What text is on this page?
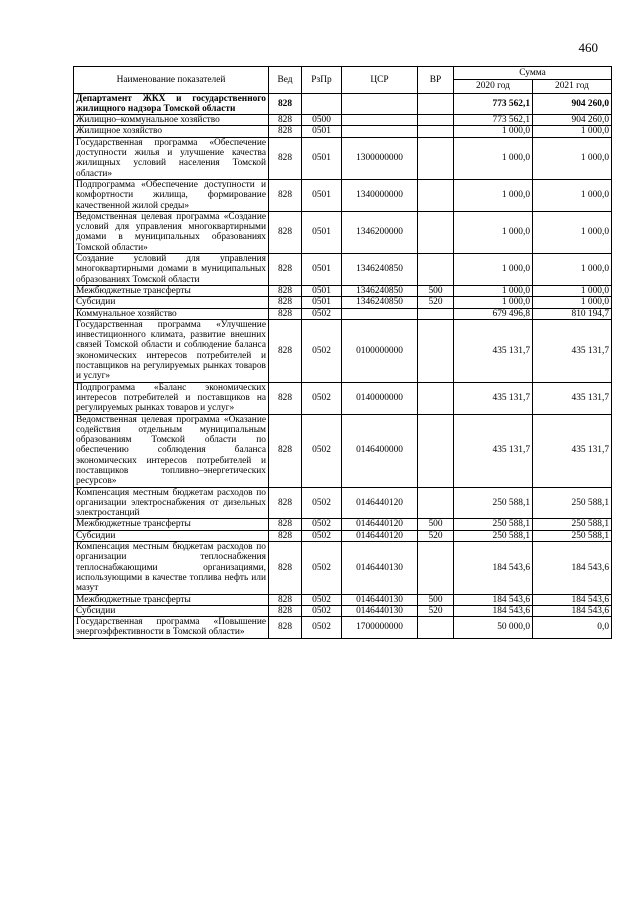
460
Наименование показателей	Вед	РзПр	ЦСР	ВР	Сумма	
					2020 год	2021 год
Департамент ЖКХ и государственного жилищного надзора Томской области	828				773 562,1	904 260,0
Жилищно–коммунальное хозяйство	828	0500			773 562,1	904 260,0
Жилищное хозяйство	828	0501			1 000,0	1 000,0
Государственная программа «Обеспечение доступности жилья и улучшение качества жилищных условий населения Томской области»	828	0501	1300000000		1 000,0	1 000,0
Подпрограмма «Обеспечение доступности и комфортности жилища, формирование качественной жилой среды»	828	0501	1340000000		1 000,0	1 000,0
Ведомственная целевая программа «Создание условий для управления многоквартирными домами в муниципальных образованиях Томской области»	828	0501	1346200000		1 000,0	1 000,0
Создание условий для управления многоквартирными домами в муниципальных образованиях Томской области	828	0501	1346240850		1 000,0	1 000,0
Межбюджетные трансферты	828	0501	1346240850	500	1 000,0	1 000,0
Субсидии	828	0501	1346240850	520	1 000,0	1 000,0
Коммунальное хозяйство	828	0502			679 496,8	810 194,7
Государственная программа «Улучшение инвестиционного климата, развитие внешних связей Томской области и соблюдение баланса экономических интересов потребителей и поставщиков на регулируемых рынках товаров и услуг»	828	0502	0100000000		435 131,7	435 131,7
Подпрограмма «Баланс экономических интересов потребителей и поставщиков на регулируемых рынках товаров и услуг»	828	0502	0140000000		435 131,7	435 131,7
Ведомственная целевая программа «Оказание содействия отдельным муниципальным образованиям Томской области по обеспечению соблюдения баланса экономических интересов потребителей и поставщиков топливно–энергетических ресурсов»	828	0502	0146400000		435 131,7	435 131,7
Компенсация местным бюджетам расходов по организации электроснабжения от дизельных электростанций	828	0502	0146440120		250 588,1	250 588,1
Межбюджетные трансферты	828	0502	0146440120	500	250 588,1	250 588,1
Субсидии	828	0502	0146440120	520	250 588,1	250 588,1
Компенсация местным бюджетам расходов по организации теплоснабжения теплоснабжающими организациями, использующими в качестве топлива нефть или мазут	828	0502	0146440130		184 543,6	184 543,6
Межбюджетные трансферты	828	0502	0146440130	500	184 543,6	184 543,6
Субсидии	828	0502	0146440130	520	184 543,6	184 543,6
Государственная программа «Повышение энергоэффективности в Томской области»	828	0502	1700000000		50 000,0	0,0
